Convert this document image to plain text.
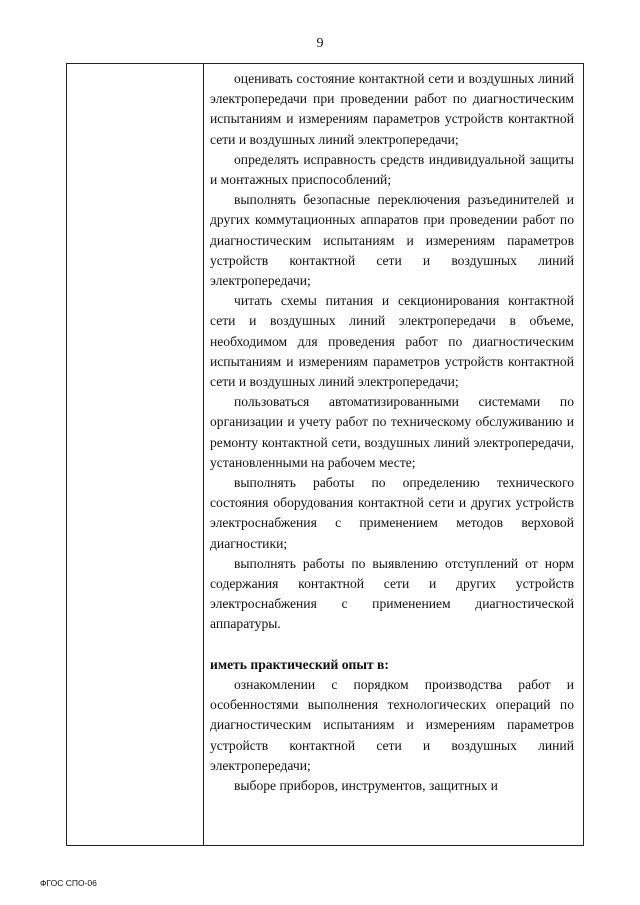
9

оценивать состояние контактной сети и воздушных линий электропередачи при проведении работ по диагностическим испытаниям и измерениям параметров устройств контактной сети и воздушных линий электропередачи;

определять исправность средств индивидуальной защиты и монтажных приспособлений;

выполнять безопасные переключения разъединителей и других коммутационных аппаратов при проведении работ по диагностическим испытаниям и измерениям параметров устройств контактной сети и воздушных линий электропередачи;

читать схемы питания и секционирования контактной сети и воздушных линий электропередачи в объеме, необходимом для проведения работ по диагностическим испытаниям и измерениям параметров устройств контактной сети и воздушных линий электропередачи;

пользоваться автоматизированными системами по организации и учету работ по техническому обслуживанию и ремонту контактной сети, воздушных линий электропередачи, установленными на рабочем месте;

выполнять работы по определению технического состояния оборудования контактной сети и других устройств электроснабжения с применением методов верховой диагностики;

выполнять работы по выявлению отступлений от норм содержания контактной сети и других устройств электроснабжения с применением диагностической аппаратуры.

иметь практический опыт в:

ознакомлении с порядком производства работ и особенностями выполнения технологических операций по диагностическим испытаниям и измерениям параметров устройств контактной сети и воздушных линий электропередачи;

выборе приборов, инструментов, защитных и

ФГОС СПО-06
